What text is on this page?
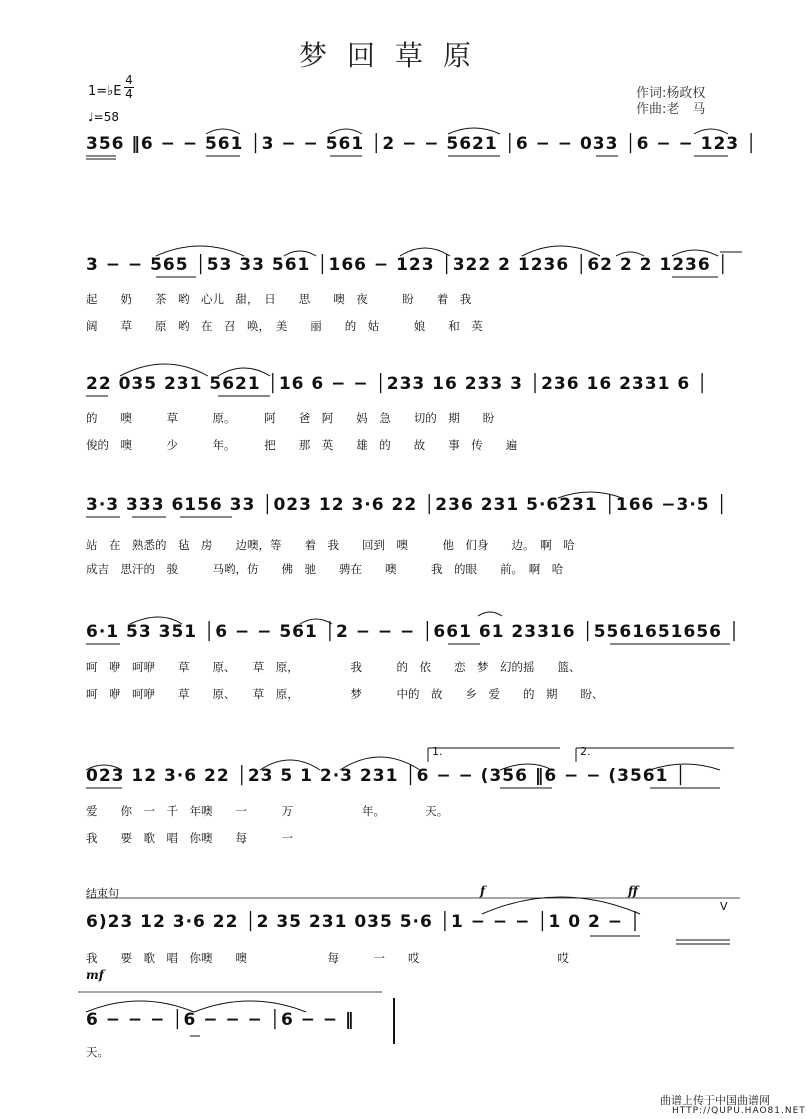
梦回草原
1=♭E
4
4
♩=58
作词:杨政权
作曲:老　马
356 ‖6 − − 561 │3 − − 561 │2 − − 5621 │6 − − 033 │6 − − 123 │
3 − − 565 │53 33 561 │166 − 123 │322 2 1236 │62 2 2 1236 │
起　　奶　　茶　哟　心儿　甜，　日　　思　　噢　夜　　　盼　　着　我
阔　　草　　原　哟　在　召　唤，　美　　丽　　的　姑　　　娘　　和　英
22 035 231 5621 │16 6 − − │233 16 233 3 │236 16 2331 6 │
的　　噢　　　草　　　原。　　　阿　　爸　阿　　妈　急　　切的　期　　盼
俊的　噢　　　少　　　年。　　　把　　那　英　　雄　的　　故　　事　传　　遍
3·3 333 6156 33 │023 12 3·6 22 │236 231 5·6231 │166 −3·5 │
站　在　熟悉的　毡　房　　边噢，等　　着　我　　回到　噢　　　他　们身　　边。　啊　哈
成吉　思汗的　骏　　　马哟，仿　　佛　驰　　骋在　　噢　　　我　的眼　　前。　啊　哈
6·1 53 351 │6 − − 561 │2 − − − │661 61 23316 │5561651656 │
呵　咿　呵咿　　草　　原、　　草　原，　　　　　我　　　的　依　　恋　梦　幻的摇　　篮、
呵　咿　呵咿　　草　　原、　　草　原，　　　　　梦　　　中的　故　　乡　爱　　的　期　　盼、
1.	2.
023 12 3·6 22 │23 5 1 2·3 231 │6 − − (356 ‖6 − − (3561 │
爱　　你　一　千　年噢　　一　　　万　　　　　　年。　　　　天。
我　　要　歌　唱　你噢　　每　　　一
结束句	f	ff
V
6)23 12 3·6 22 │2 35 231 035 5·6 │1 − − − │1 0 2 − │
我　　要　歌　唱　你噢　　噢　　　　　　　每　　　一　　哎　　　　　　　　　　　　哎
mf
6 − − − │6 − − − │6 − − ‖
天。
曲谱上传于中国曲谱网
HTTP://QUPU.HAO81.NET
